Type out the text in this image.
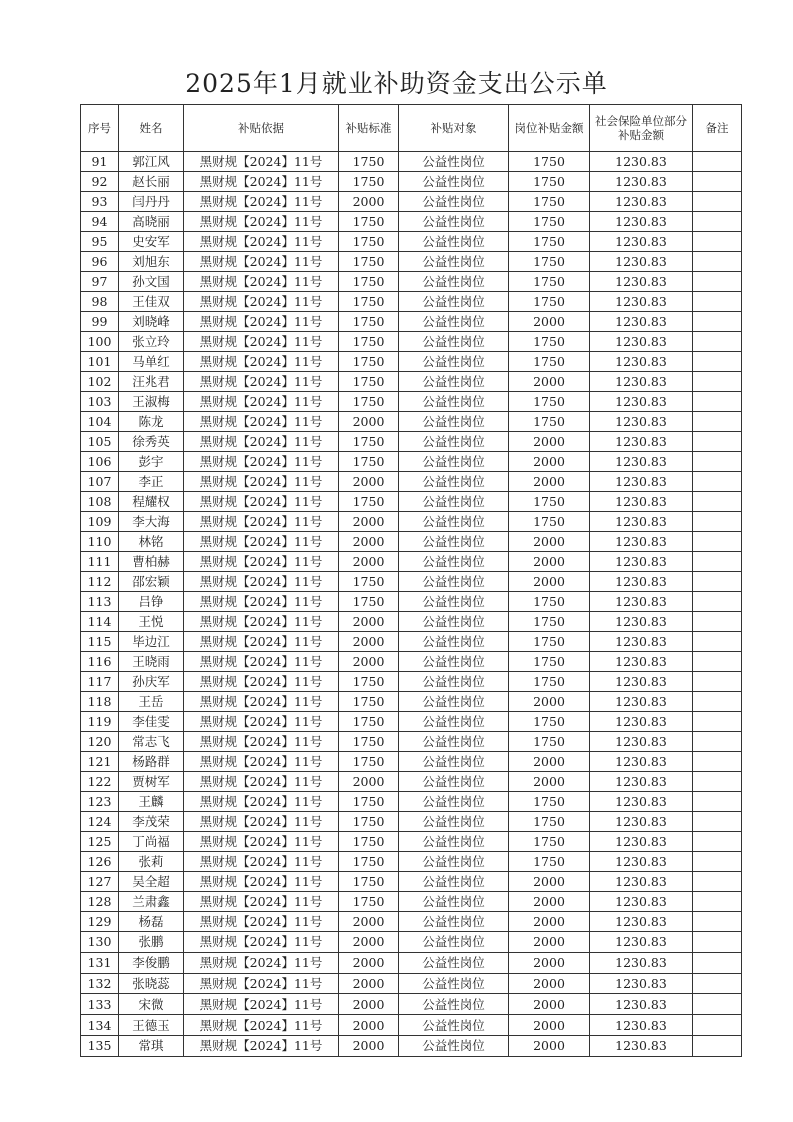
2025年1月就业补助资金支出公示单
序号	姓名	补贴依据	补贴标准	补贴对象	岗位补贴金额	社会保险单位部分补贴金额	备注
91	郭江风	黑财规【2024】11号	1750	公益性岗位	1750	1230.83	
92	赵长丽	黑财规【2024】11号	1750	公益性岗位	1750	1230.83	
93	闫丹丹	黑财规【2024】11号	2000	公益性岗位	1750	1230.83	
94	高晓丽	黑财规【2024】11号	1750	公益性岗位	1750	1230.83	
95	史安军	黑财规【2024】11号	1750	公益性岗位	1750	1230.83	
96	刘旭东	黑财规【2024】11号	1750	公益性岗位	1750	1230.83	
97	孙文国	黑财规【2024】11号	1750	公益性岗位	1750	1230.83	
98	王佳双	黑财规【2024】11号	1750	公益性岗位	1750	1230.83	
99	刘晓峰	黑财规【2024】11号	1750	公益性岗位	2000	1230.83	
100	张立玲	黑财规【2024】11号	1750	公益性岗位	1750	1230.83	
101	马单红	黑财规【2024】11号	1750	公益性岗位	1750	1230.83	
102	汪兆君	黑财规【2024】11号	1750	公益性岗位	2000	1230.83	
103	王淑梅	黑财规【2024】11号	1750	公益性岗位	1750	1230.83	
104	陈龙	黑财规【2024】11号	2000	公益性岗位	1750	1230.83	
105	徐秀英	黑财规【2024】11号	1750	公益性岗位	2000	1230.83	
106	彭宇	黑财规【2024】11号	1750	公益性岗位	2000	1230.83	
107	李正	黑财规【2024】11号	2000	公益性岗位	2000	1230.83	
108	程耀权	黑财规【2024】11号	1750	公益性岗位	1750	1230.83	
109	李大海	黑财规【2024】11号	2000	公益性岗位	1750	1230.83	
110	林铭	黑财规【2024】11号	2000	公益性岗位	2000	1230.83	
111	曹柏赫	黑财规【2024】11号	2000	公益性岗位	2000	1230.83	
112	邵宏颖	黑财规【2024】11号	1750	公益性岗位	2000	1230.83	
113	吕铮	黑财规【2024】11号	1750	公益性岗位	1750	1230.83	
114	王悦	黑财规【2024】11号	2000	公益性岗位	1750	1230.83	
115	毕边江	黑财规【2024】11号	2000	公益性岗位	1750	1230.83	
116	王晓雨	黑财规【2024】11号	2000	公益性岗位	1750	1230.83	
117	孙庆军	黑财规【2024】11号	1750	公益性岗位	1750	1230.83	
118	王岳	黑财规【2024】11号	1750	公益性岗位	2000	1230.83	
119	李佳雯	黑财规【2024】11号	1750	公益性岗位	1750	1230.83	
120	常志飞	黑财规【2024】11号	1750	公益性岗位	1750	1230.83	
121	杨路群	黑财规【2024】11号	1750	公益性岗位	2000	1230.83	
122	贾树军	黑财规【2024】11号	2000	公益性岗位	2000	1230.83	
123	王麟	黑财规【2024】11号	1750	公益性岗位	1750	1230.83	
124	李茂荣	黑财规【2024】11号	1750	公益性岗位	1750	1230.83	
125	丁尚福	黑财规【2024】11号	1750	公益性岗位	1750	1230.83	
126	张莉	黑财规【2024】11号	1750	公益性岗位	1750	1230.83	
127	吴全超	黑财规【2024】11号	1750	公益性岗位	2000	1230.83	
128	兰肃鑫	黑财规【2024】11号	1750	公益性岗位	2000	1230.83	
129	杨磊	黑财规【2024】11号	2000	公益性岗位	2000	1230.83	
130	张鹏	黑财规【2024】11号	2000	公益性岗位	2000	1230.83	
131	李俊鹏	黑财规【2024】11号	2000	公益性岗位	2000	1230.83	
132	张晓蕊	黑财规【2024】11号	2000	公益性岗位	2000	1230.83	
133	宋微	黑财规【2024】11号	2000	公益性岗位	2000	1230.83	
134	王德玉	黑财规【2024】11号	2000	公益性岗位	2000	1230.83	
135	常琪	黑财规【2024】11号	2000	公益性岗位	2000	1230.83	
